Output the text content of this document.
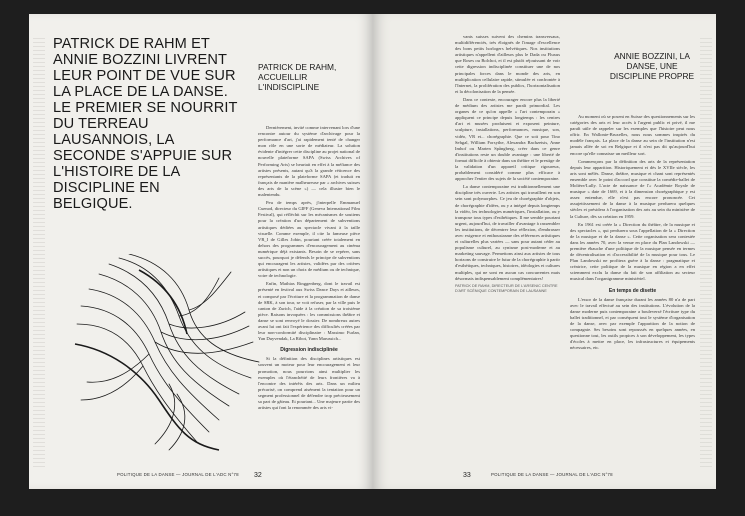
PATRICK DE RAHM ET ANNIE BOZZINI LIVRENT LEUR POINT DE VUE SUR LA PLACE DE LA DANSE. LE PREMIER SE NOURRIT DU TERREAU LAUSANNOIS, LA SECONDE S'APPUIE SUR L'HISTOIRE DE LA DISCIPLINE EN BELGIQUE.
PATRICK DE RAHM, ACCUEILLIR L'INDISCIPLINE

Dernièrement, invité comme intervenant lors d'une rencontre autour du système d'archivage pour la performance d'art, j'ai rapidement tenté de changer mon rôle en une sorte de médiateur. La solution évidente d'intégrer cette discipline au projet national de nouvelle plateforme SAPA (Swiss Archives of Performing Arts) se heurtait en effet à la méfiance des artistes présents, autant qu'à la grande réticence des représentants de la plateforme SAPA (et traduit en français de manière malheureuse par « archives suisses des arts de la scène ») — cela illustre bien le malentendu.

Peu de temps après, j'interpelle Emmanuel Cuenod, directeur du GIFF (Geneva International Film Festival), qui réfléchit sur les mécanismes de soutiens pour la création d'un département de subventions artistiques dédiées au spectacle vivant à la taille visuelle. Comme exemple, il cite la fameuse pièce VR_I de Gilles Jobin, pourtant créée totalement en dehors des programmes d'encouragement au cinéma numérique déjà existants. Besoin de se repérer, sans succès, pourquoi je défends le principe de subventions qui encouragent les artistes, validées par des critères artistiques et non un choix de médium ou de technique, voire de technologie.

Enfin, Mathias Ringgenberg, dont le travail est présenté en festival aux Swiss Dance Days et ailleurs, et composé par l'écriture et la programmation de danse de SRK, à son tour, se voit refuser, par la ville puis le canton de Zurich, l'aide à la création de sa troisième pièce. Raisons invoquées : les commissions théâtre et danse se sont renvoyé le dossier. De nombreux autres avant lui ont fait l'expérience des difficultés créées par leur non-conformité disciplinaire : Massimo Furlan, Yan Duyvendak, La Ribot, Yann Marussich...

Digression indisciplinée

Si la définition des disciplines artistiques est souvent un moteur pour leur encouragement et leur promotion, nous pourrions ainsi multiplier les exemples où l'étanchéité de leurs frontières va à l'encontre des intérêts des arts. Dans un milieu précarisé, on comprend aisément la tentation pour un segment professionnel de défendre trop précieusement sa part de gâteau. Et pourtant... Une majeure partie des artistes qui font la renommée des arts vi-

POLITIQUE DE LA DANSE — JOURNAL DE L'ADC N°78 32

vants suisses suivent des chemins transversaux, multidifférenciés, très éloignés de l'image d'excellence des bons petits horlogers helvétiques. Nos institutions artistiques n'appellent d'ailleurs plus le Dada ou Fluxus que Roses ou Bolchoi, et il est plutôt réjouissant de voir cette digression indisciplinée constituer une de nos principales forces dans le monde des arts, en multiplication cellulaire rapide, stimulée et confrontée à l'Internet, la prolifération des publics, l'horizontalisation et la décolonisation de la pensée.

Dans ce contexte, encourager encore plus la liberté de médium des artistes me paraît primordial. Les organes de ce qu'on appelle « l'art contemporain » appliquent ce principe depuis longtemps : les centres d'art et musées produisent et exposent peinture, sculpture, installations, performances, musique, son, vidéo, VR et... chorégraphie. Que ce soit pour Tino Sehgal, William Forsythe, Alexandra Bachzetsis, Anne Imhof ou Marten Spångberg, créer dans ce genre d'institutions reste un double avantage : une liberté de format difficile à obtenir dans un théâtre et le prestige de la validation d'un appareil critique rigoureux, probablement considéré comme plus efficace à approcher l'entier des sujets de la société contemporaine.

La danse contemporaine est traditionnellement une discipline très ouverte. Les artistes qui travaillent en son sein sont polymorphes. Ce jeu de chorégraphie d'objets, de chorégraphie d'idées, ou y a intégré depuis longtemps la vidéo, les technologies numériques, l'installation, ou y transpose tous types d'esthétiques. Il me semble pourtant urgent, aujourd'hui, de travailler d'avantage à rassembler les institutions, de décentrer leur réflexion, d'embrasser avec exigence et enthousiasme des références artistiques et culturelles plus variées — sans pour autant céder au populisme culturel, au cynisme post-moderne et au marketing sauvage. Permettons ainsi aux artistes de tous horizons de construire le futur de la chorégraphie à partir d'esthétiques, techniques, histoires, idéologies et cultures multiples, qui ne sont en aucun cas concurrentes mais désormais indispensablement complémentaires!

PATRICK DE RAHM, DIRECTEUR DE L'ARSENIC CENTRE D'ART SCÉNIQUE CONTEMPORAIN DE LAUSANNE

ANNIE BOZZINI, LA DANSE, UNE DISCIPLINE PROPRE

Au moment où se posent en Suisse des questionnements sur les catégories des arts et leur accès à l'argent public et privé, il me paraît utile de rappeler sur les exemples que l'histoire peut nous offrir. En Wallonie-Bruxelles, nous nous sommes inspirés du modèle français. La place de la danse au sein de l'institution n'est jamais allée de soi en Belgique et il n'est pas dit qu'aujourd'hui encore qu'elle connaisse un meilleur sort.

Commençons par la définition des arts de la représentation depuis leur apparition. Historiquement et dès le XVIIe siècle, les arts sont mêlés. Danse, théâtre, musique et chant sont représentés ensemble avec le point d'accord que constitue la comédie-ballet de Molière/Lully. L'acte de naissance de l'« Académie Royale de musique » date de 1669, et à la dimension chorégraphique y est assez entendue, elle n'est pas encore prononcée. Cet assujettissement de la danse à la musique perdurera quelques siècles et présidera à l'organisation des arts au sein du ministère de la Culture, dès sa création en 1959.

En 1961 est créée la « Direction du théâtre, de la musique et des spectacles », qui perdurera sous l'appellation de la « Direction de la musique et de la danse ». Cette organisation sera contestée dans les années 70, avec la venue en place du Plan Landowski — première ébauche d'une politique de la musique pensée en termes de décentralisation et d'accessibilité de la musique pour tous. Le Plan Landowski ne profitera guère à la danse : pragmatique et créatrice, cette politique de la musique en région a en effet sciemment exclu la danse du fait de son affiliation au secteur musical dans l'organigramme ministériel.

En temps de disette

L'essor de la danse française durant les années 80 n'a de part avec le travail effectué au sein des institutions. L'évolution de la danse moderne puis contemporaine a bouleversé l'écriture type du ballet traditionnel, et par conséquent tout le système d'organisation de la danse, avec par exemple l'apparition de la notion de compagnie. Ses besoins sont repoussés en quelques années, en questionne tout, les outils propices à son développement, les types d'écoles à mettre en place, les infrastructures et équipements nécessaires, etc.

33	POLITIQUE DE LA DANSE — JOURNAL DE L'ADC N°78
